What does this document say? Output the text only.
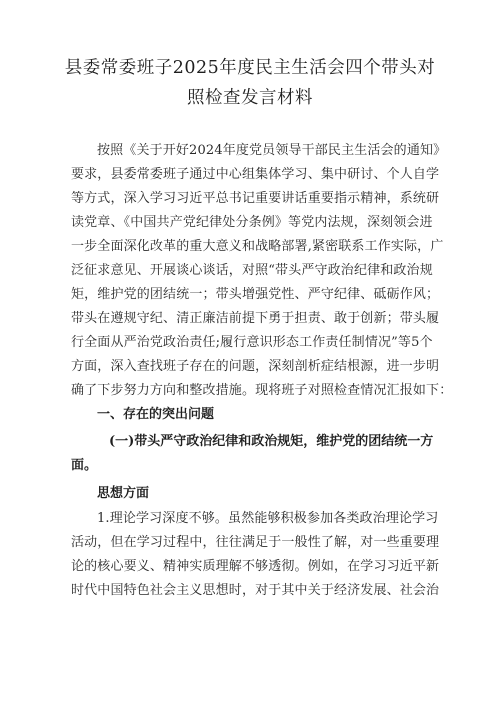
县委常委班子2025年度民主生活会四个带头对
照检查发言材料
按照《关于开好2024年度党员领导干部民主生活会的通知》
要求，县委常委班子通过中心组集体学习、集中研讨、个人自学
等方式，深入学习习近平总书记重要讲话重要指示精神，系统研
读党章、《中国共产党纪律处分条例》等党内法规，深刻领会进
一步全面深化改革的重大意义和战略部署,紧密联系工作实际，广
泛征求意见、开展谈心谈话，对照“带头严守政治纪律和政治规
矩，维护党的团结统一；带头增强党性、严守纪律、砥砺作风；
带头在遵规守纪、清正廉洁前提下勇于担责、敢于创新；带头履
行全面从严治党政治责任;履行意识形态工作责任制情况”等5个
方面，深入查找班子存在的问题，深刻剖析症结根源，进一步明
确了下步努力方向和整改措施。现将班子对照检查情况汇报如下：
一、存在的突出问题
(一)带头严守政治纪律和政治规矩，维护党的团结统一方
面。
思想方面
1.理论学习深度不够。虽然能够积极参加各类政治理论学习
活动，但在学习过程中，往往满足于一般性了解，对一些重要理
论的核心要义、精神实质理解不够透彻。例如，在学习习近平新
时代中国特色社会主义思想时，对于其中关于经济发展、社会治
